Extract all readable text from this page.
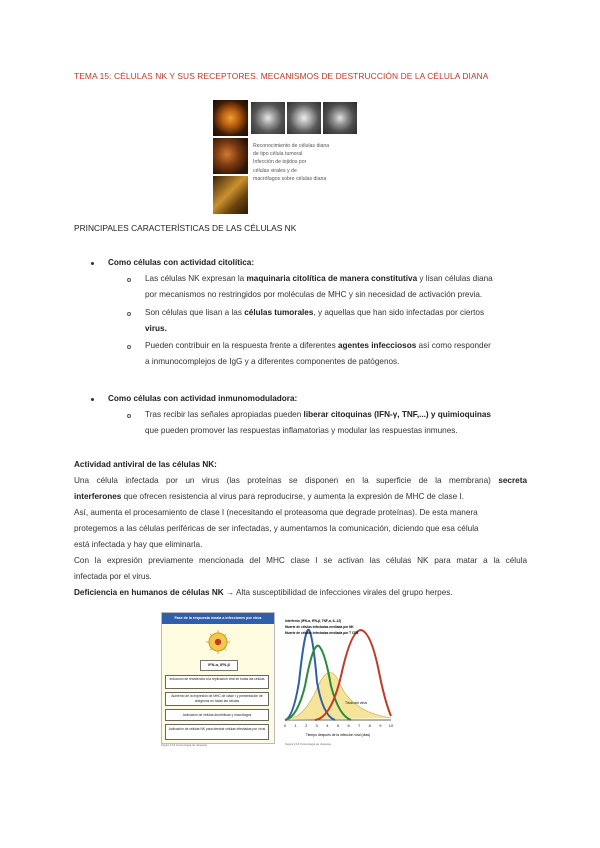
TEMA 15: CÉLULAS NK Y SUS RECEPTORES. MECANISMOS DE DESTRUCCIÓN DE LA CÉLULA DIANA
Reconocimiento de células diana
de tipo célula tumoral
Infección de tejidos por
células virales y de
macrófagos sobre células diana
PRINCIPALES CARACTERÍSTICAS DE LAS CÉLULAS NK
Como células con actividad citolítica:
Las células NK expresan la maquinaria citolítica de manera constitutiva y lisan células diana
por mecanismos no restringidos por moléculas de MHC y sin necesidad de activación previa.
Son células que lisan a las células tumorales, y aquellas que han sido infectadas por ciertos
virus.
Pueden contribuir en la respuesta frente a diferentes agentes infecciosos así como responder
a inmunocomplejos de IgG y a diferentes componentes de patógenos.
Como células con actividad inmunomoduladora:
Tras recibir las señales apropiadas pueden liberar citoquinas (IFN-γ, TNF,...) y quimioquinas
que pueden promover las respuestas inflamatorias y modular las respuestas inmunes.
Actividad antiviral de las células NK:
Una célula infectada por un virus (las proteínas se disponen en la superficie de la membrana) secreta
interferones que ofrecen resistencia al virus para reproducirse, y aumenta la expresión de MHC de clase I.
Así, aumenta el procesamiento de clase I (necesitando el proteasoma que degrade proteínas). De esta manera
protegemos a las células periféricas de ser infectadas, y aumentamos la comunicación, diciendo que esa célula
está infectada y hay que eliminarla.
Con la expresión previamente mencionada del MHC clase I se activan las células NK para matar a la célula
infectada por el virus.
Deficiencia en humanos de células NK → Alta susceptibilidad de infecciones virales del grupo herpes.
Fase de la respuesta innata a infecciones por virus
IFN-α, IFN-β
Inducción de resistencia a la replicación viral en todas las células
Aumento de la expresión de MHC de clase I y presentación de antígenos en todas las células
Activación de células dendríticas y macrófagos
Activación de células NK para destruir células infectadas por virus
Figura 2.16 Inmunología de Janeway
Interferón (IFN-α, IFN-β, TNF-α, IL-12)
Muerte de células infectadas mediada por NK
Muerte de células infectadas mediada por T CD8
Título del virus
0 1 2 3 4 5 6 7 8 9 10
Tiempo después de la infección viral (días)
Figura 2.16 Inmunología de Janeway
